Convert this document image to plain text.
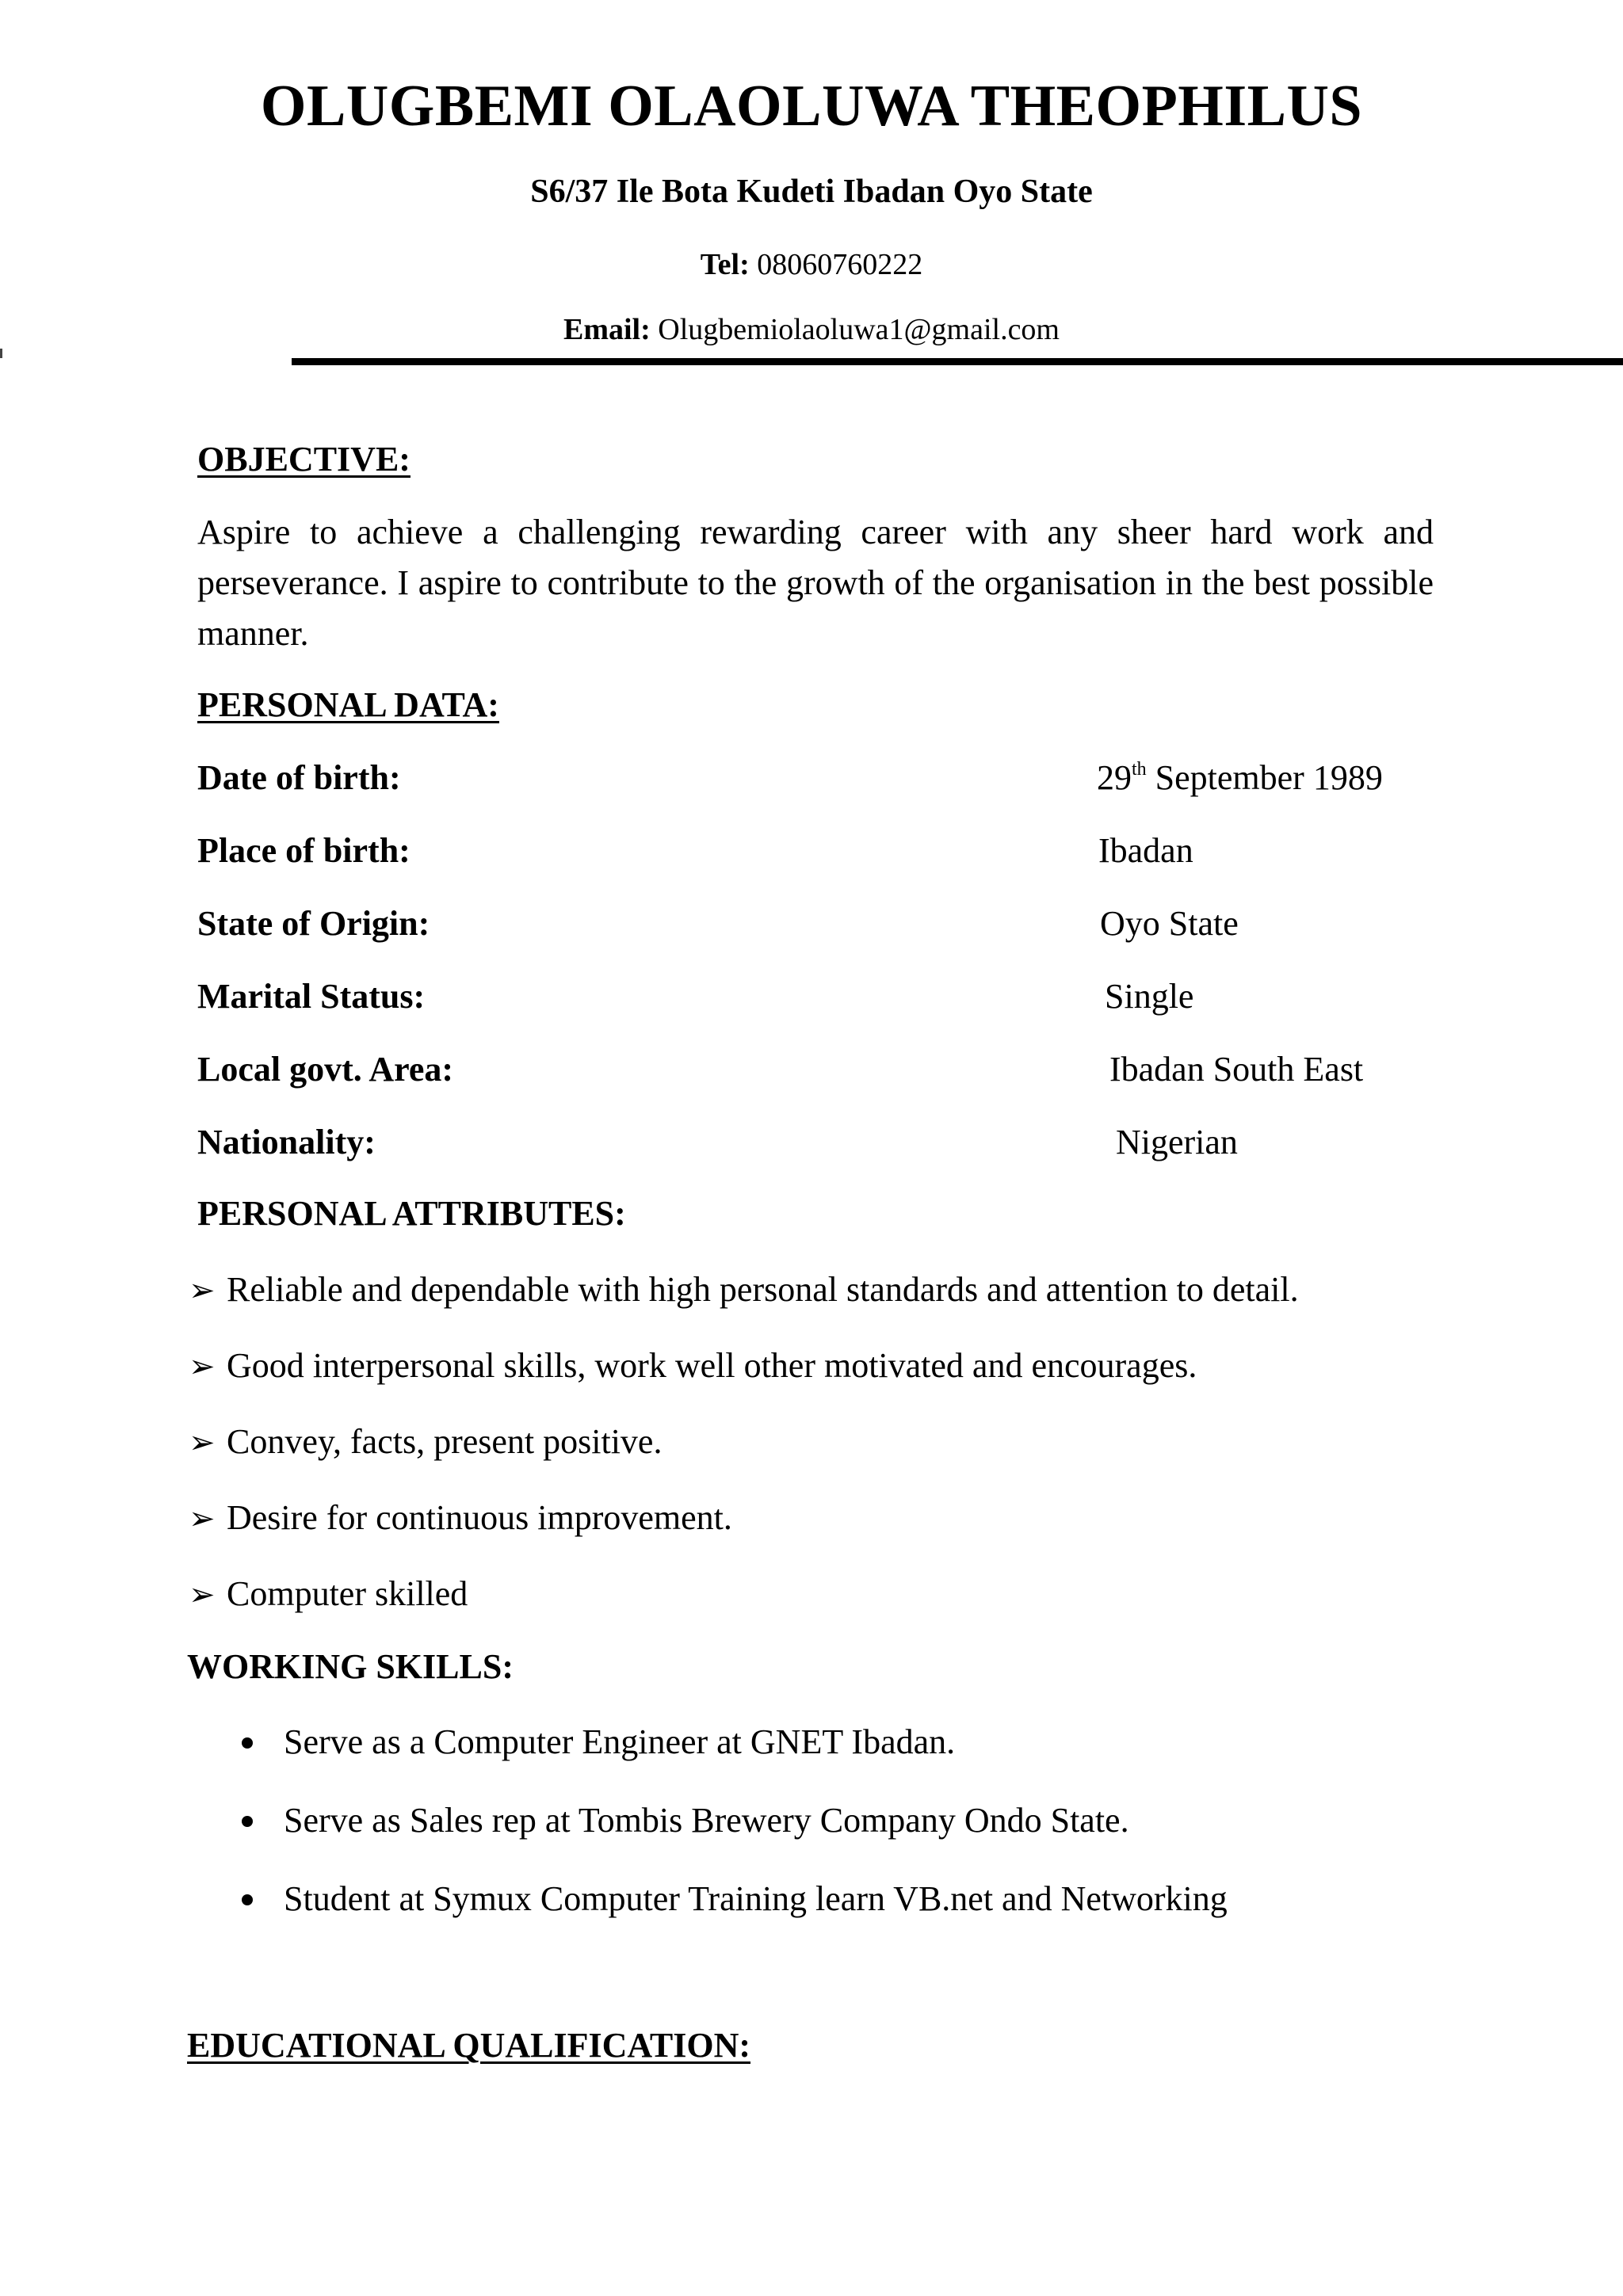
OLUGBEMI OLAOLUWA THEOPHILUS
S6/37 Ile Bota Kudeti Ibadan Oyo State
Tel: 08060760222
Email: Olugbemiolaoluwa1@gmail.com
OBJECTIVE:
Aspire to achieve a challenging rewarding career with any sheer hard work and perseverance. I aspire to contribute to the growth of the organisation in the best possible manner.
PERSONAL DATA:
Date of birth:	29th September 1989
Place of birth:	Ibadan
State of Origin:	Oyo State
Marital Status:	Single
Local govt. Area:	Ibadan South East
Nationality:	Nigerian
PERSONAL ATTRIBUTES:
➢ Reliable and dependable with high personal standards and attention to detail.
➢ Good interpersonal skills, work well other motivated and encourages.
➢ Convey, facts, present positive.
➢ Desire for continuous improvement.
➢ Computer skilled
WORKING SKILLS:
Serve as a Computer Engineer at GNET Ibadan.
Serve as Sales rep at Tombis Brewery Company Ondo State.
Student at Symux Computer Training learn VB.net and Networking
EDUCATIONAL QUALIFICATION:
